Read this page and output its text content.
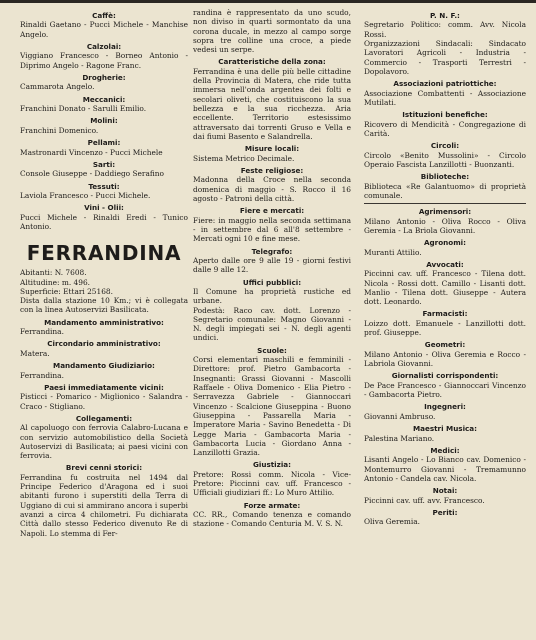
Caffè:
Rinaldi Gaetano - Pucci Michele - Manchise Angelo.
Calzolai:
Viggiano Francesco - Borneo Antonio - Diprimo Angelo - Ragone Franc.
Drogherie:
Cammarota Angelo.
Meccanici:
Franchini Donato - Sarulli Emilio.
Molini:
Franchini Domenico.
Pellami:
Mastronardi Vincenzo - Pucci Michele
Sarti:
Console Giuseppe - Daddiego Serafino
Tessuti:
Laviola Francesco - Pucci Michele.
Vini - Olii:
Pucci Michele - Rinaldi Eredi - Tunico Antonio.
FERRANDINA
Abitanti: N. 7608.
Altitudine: m. 496.
Superficie: Ettari 25168.
Dista dalla stazione 10 Km.; vi è collegata con la linea Autoservizi Basilicata.
Mandamento amministrativo:
Ferrandina.
Circondario amministrativo:
Matera.
Mandamento Giudiziario:
Ferrandina.
Paesi immediatamente vicini:
Pisticci - Pomarico - Miglionico - Salandra - Craco - Stigliano.
Collegamenti:
Al capoluogo con ferrovia Calabro-Lucana e con servizio automobilistico della Società Autoservizi di Basilicata; ai paesi vicini con ferrovia.
Brevi cenni storici:
Ferrandina fu costruita nel 1494 dal Principe Federico d'Aragona ed i suoi abitanti furono i superstiti della Terra di Uggiano di cui si ammirano ancora i superbi avanzi a circa 4 chilometri. Fu dichiarata Città dallo stesso Federico divenuto Re di Napoli. Lo stemma di Fer-
randina è rappresentato da uno scudo, non diviso in quarti sormontato da una corona ducale, in mezzo al campo sorge sopra tre colline una croce, a piede vedesi un serpe.
Caratteristiche della zona:
Ferrandina è una delle più belle cittadine della Provincia di Matera, che ride tutta immersa nell'onda argentea dei folti e secolari oliveti, che costituiscono la sua bellezza e la sua ricchezza. Aria eccellente. Territorio estesissimo attraversato dai torrenti Gruso e Vella e dai fiumi Basento e Salandrella.
Misure locali:
Sistema Metrico Decimale.
Feste religiose:
Madonna della Croce nella seconda domenica di maggio - S. Rocco il 16 agosto - Patroni della città.
Fiere e mercati:
Fiere: in maggio nella seconda settimana - in settembre dal 6 all'8 settembre - Mercati ogni 10 e fine mese.
Telegrafo:
Aperto dalle ore 9 alle 19 - giorni festivi dalle 9 alle 12.
Uffici pubblici:
Il Comune ha proprietà rustiche ed urbane.
Podestà: Raco cav. dott. Lorenzo - Segretario comunale: Magno Giovanni - N. degli impiegati sei - N. degli agenti undici.
Scuole:
Corsi elementari maschili e femminili - Direttore: prof. Pietro Gambacorta - Insegnanti: Grassi Giovanni - Mascolli Raffaele - Oliva Domenico - Elia Pietro - Serravezza Gabriele - Giannoccari Vincenzo - Scalcione Giuseppina - Buono Giuseppina - Passarella Maria - Imperatore Maria - Savino Benedetta - Di Legge Maria - Gambacorta Maria - Gambacorta Lucia - Giordano Anna - Lanzillotti Grazia.
Giustizia:
Pretore: Rossi comm. Nicola - Vice-Pretore: Piccinni cav. uff. Francesco - Ufficiali giudiziari ff.: Lo Muro Attilio.
Forze armate:
CC. RR., Comando tenenza e comando stazione - Comando Centuria M. V. S. N.
P. N. F.:
Segretario Politico: comm. Avv. Nicola Rossi.
Organizzazioni Sindacali: Sindacato Lavoratori Agricoli - Industria - Commercio - Trasporti Terrestri - Dopolavoro.
Associazioni patriottiche:
Associazione Combattenti - Associazione Mutilati.
Istituzioni benefiche:
Ricovero di Mendicità - Congregazione di Carità.
Circoli:
Circolo «Benito Mussolini» - Circolo Operaio Fascista Lanzillotti - Buonzanti.
Biblioteche:
Biblioteca «Re Galantuomo» di proprietà comunale.
Agrimensori:
Milano Antonio - Oliva Rocco - Oliva Geremia - La Briola Giovanni.
Agronomi:
Muranti Attilio.
Avvocati:
Piccinni cav. uff. Francesco - Tilena dott. Nicola - Rossi dott. Camillo - Lisanti dott. Manlio - Tilena dott. Giuseppe - Autera dott. Leonardo.
Farmacisti:
Loizzo dott. Emanuele - Lanzillotti dott. prof. Giuseppe.
Geometri:
Milano Antonio - Oliva Geremia e Rocco - Labriola Giovanni.
Giornalisti corrispondenti:
De Pace Francesco - Giannoccari Vincenzo - Gambacorta Pietro.
Ingegneri:
Giovanni Ambruso.
Maestri Musica:
Palestina Mariano.
Medici:
Lisanti Angelo - Lo Bianco cav. Domenico - Montemurro Giovanni - Tremamunno Antonio - Candela cav. Nicola.
Notai:
Piccinni cav. uff. avv. Francesco.
Periti:
Oliva Geremia.
